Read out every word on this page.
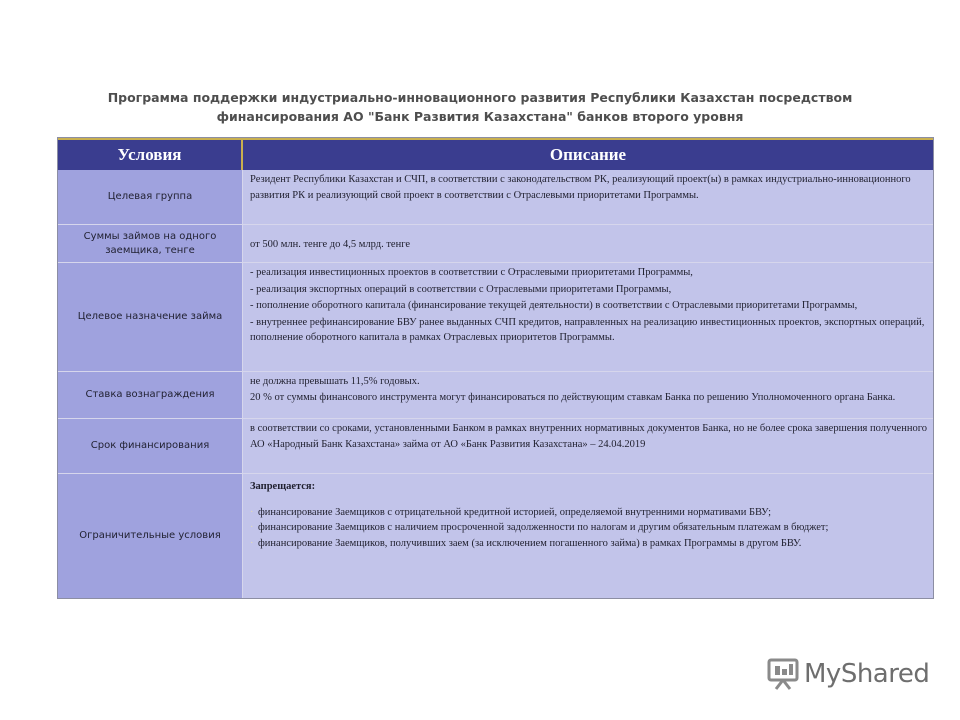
Программа поддержки индустриально-инновационного развития Республики Казахстан посредством
финансирования АО "Банк Развития Казахстана" банков второго уровня
Условия	Описание
Целевая группа

Резидент Республики Казахстан и СЧП, в соответствии с законодательством РК, реализующий проект(ы) в рамках индустриально-инновационного развития РК и реализующий свой проект в соответствии с Отраслевыми приоритетами Программы.

Суммы займов на одного заемщика, тенге

от 500 млн. тенге до 4,5 млрд. тенге

Целевое назначение займа

- реализация инвестиционных проектов в соответствии с Отраслевыми приоритетами Программы,

- реализация экспортных операций в соответствии с Отраслевыми приоритетами Программы,

- пополнение оборотного капитала (финансирование текущей деятельности) в соответствии с Отраслевыми приоритетами Программы,

- внутреннее рефинансирование БВУ ранее выданных СЧП кредитов, направленных на реализацию инвестиционных проектов, экспортных операций, пополнение оборотного капитала в рамках Отраслевых приоритетов Программы.

Ставка вознаграждения

не должна превышать 11,5% годовых.

20 % от суммы финансового инструмента могут финансироваться по действующим ставкам Банка по решению Уполномоченного органа Банка.

Срок финансирования

в соответствии со сроками, установленными Банком в рамках внутренних нормативных документов Банка, но не более срока завершения полученного АО «Народный Банк Казахстана» займа от АО «Банк Развития Казахстана» – 24.04.2019

Ограничительные условия

Запрещается:

· финансирование Заемщиков с отрицательной кредитной историей, определяемой внутренними нормативами БВУ;

· финансирование Заемщиков с наличием просроченной задолженности по налогам и другим обязательным платежам в бюджет;

· финансирование Заемщиков, получивших заем (за исключением погашенного займа) в рамках Программы в другом БВУ.

MyShared
